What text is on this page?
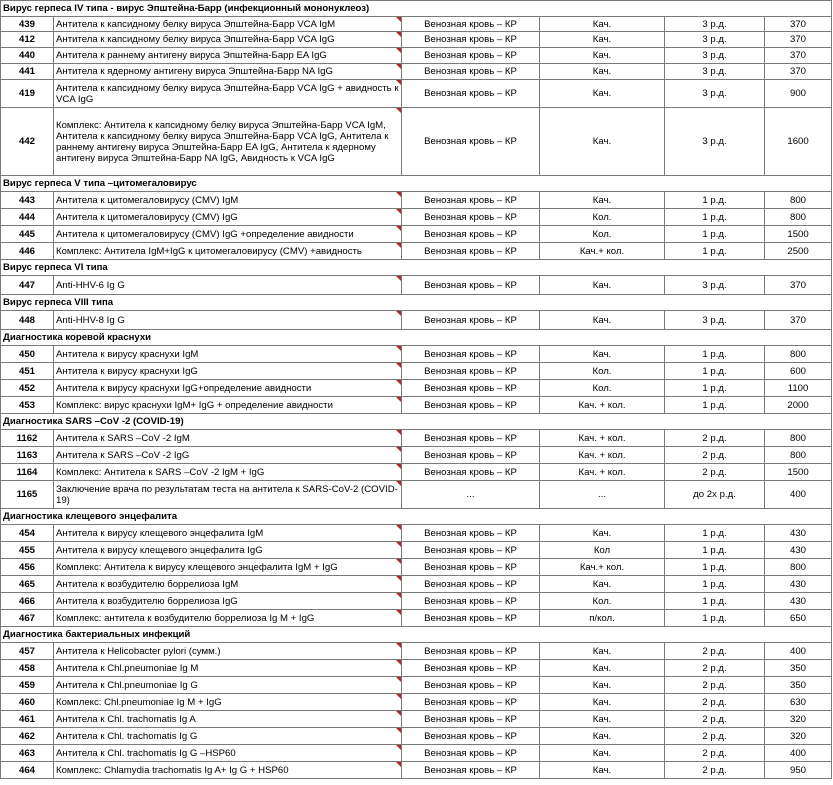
Вирус герпеса IV типа - вирус Эпштейна-Барр (инфекционный мононуклеоз)					
439	Антитела к капсидному белку вируса Эпштейна-Барр VCA IgM	Венозная кровь – КР	Кач.	3 р.д.	370
412	Антитела к капсидному белку вируса Эпштейна-Барр VCA IgG	Венозная кровь – КР	Кач.	3 р.д.	370
440	Антитела к раннему антигену вируса Эпштейна-Барр EA IgG	Венозная кровь – КР	Кач.	3 р.д.	370
441	Антитела к ядерному антигену вируса Эпштейна-Барр NA IgG	Венозная кровь – КР	Кач.	3 р.д.	370
419	Антитела к капсидному белку вируса Эпштейна-Барр VCA IgG + авидность к VCA IgG	Венозная кровь – КР	Кач.	3 р.д.	900
442	Комплекс: Антитела к капсидному белку вируса Эпштейна-Барр VCA IgM, Антитела к капсидному белку вируса Эпштейна-Барр VCA IgG, Антитела к раннему антигену вируса Эпштейна-Барр EA IgG, Антитела к ядерному антигену вируса Эпштейна-Барр NA IgG, Авидность к VCA IgG	Венозная кровь – КР	Кач.	3 р.д.	1600
Вирус герпеса V типа –цитомегаловирус					
443	Антитела к цитомегаловирусу (CMV) IgM	Венозная кровь – КР	Кач.	1 р.д.	800
444	Антитела к цитомегаловирусу (CMV) IgG	Венозная кровь – КР	Кол.	1 р.д.	800
445	Антитела к цитомегаловирусу (CMV) IgG +определение авидности	Венозная кровь – КР	Кол.	1 р.д.	1500
446	Комплекс: Антитела IgM+IgG к цитомегаловирусу (CMV) +авидность	Венозная кровь – КР	Кач.+ кол.	1 р.д.	2500
Вирус герпеса VI типа					
447	Anti-HHV-6 Ig G	Венозная кровь – КР	Кач.	3 р.д.	370
Вирус герпеса VIII типа					
448	Anti-HHV-8 Ig G	Венозная кровь – КР	Кач.	3 р.д.	370
Диагностика коревой краснухи					
450	Антитела к вирусу краснухи IgM	Венозная кровь – КР	Кач.	1 р.д.	800
451	Антитела к вирусу краснухи IgG	Венозная кровь – КР	Кол.	1 р.д.	600
452	Антитела к вирусу краснухи IgG+определение авидности	Венозная кровь – КР	Кол.	1 р.д.	1100
453	Комплекс: вирус краснухи IgM+ IgG + определение авидности	Венозная кровь – КР	Кач. + кол.	1 р.д.	2000
Диагностика SARS –CoV -2 (COVID-19)					
1162	Антитела к SARS –CoV -2 IgM	Венозная кровь – КР	Кач. + кол.	2 р.д.	800
1163	Антитела к SARS –CoV -2 IgG	Венозная кровь – КР	Кач. + кол.	2 р.д.	800
1164	Комплекс: Антитела к SARS –CoV -2 IgM + IgG	Венозная кровь – КР	Кач. + кол.	2 р.д.	1500
1165	Заключение врача по результатам теста на антитела к SARS-CoV-2 (COVID-19)	...	...	до 2х р.д.	400
Диагностика клещевого энцефалита					
454	Антитела к вирусу клещевого энцефалита IgM	Венозная кровь – КР	Кач.	1 р.д.	430
455	Антитела к вирусу клещевого энцефалита IgG	Венозная кровь – КР	Кол	1 р.д.	430
456	Комплекс: Антитела к вирусу клещевого энцефалита IgM + IgG	Венозная кровь – КР	Кач.+ кол.	1 р.д.	800
465	Антитела к возбудителю боррелиоза IgM	Венозная кровь – КР	Кач.	1 р.д.	430
466	Антитела к возбудителю боррелиоза IgG	Венозная кровь – КР	Кол.	1 р.д.	430
467	Комплекс: антитела к возбудителю боррелиоза Ig M + IgG	Венозная кровь – КР	п/кол.	1 р.д.	650
Диагностика бактериальных инфекций					
457	Антитела к Helicobacter pylori (сумм.)	Венозная кровь – КР	Кач.	2 р.д.	400
458	Антитела к Chl.pneumoniae Ig M	Венозная кровь – КР	Кач.	2 р.д.	350
459	Антитела к Chl.pneumoniae Ig G	Венозная кровь – КР	Кач.	2 р.д.	350
460	Комплекс: Chl.pneumoniae Ig M + IgG	Венозная кровь – КР	Кач.	2 р.д.	630
461	Антитела к Chl. trachomatis Ig A	Венозная кровь – КР	Кач.	2 р.д.	320
462	Антитела к Chl. trachomatis Ig G	Венозная кровь – КР	Кач.	2 р.д.	320
463	Антитела к Chl. trachomatis Ig G –HSP60	Венозная кровь – КР	Кач.	2 р.д.	400
464	Комплекс: Chlamydia trachomatis Ig A+ Ig G + HSP60	Венозная кровь – КР	Кач.	2 р.д.	950
